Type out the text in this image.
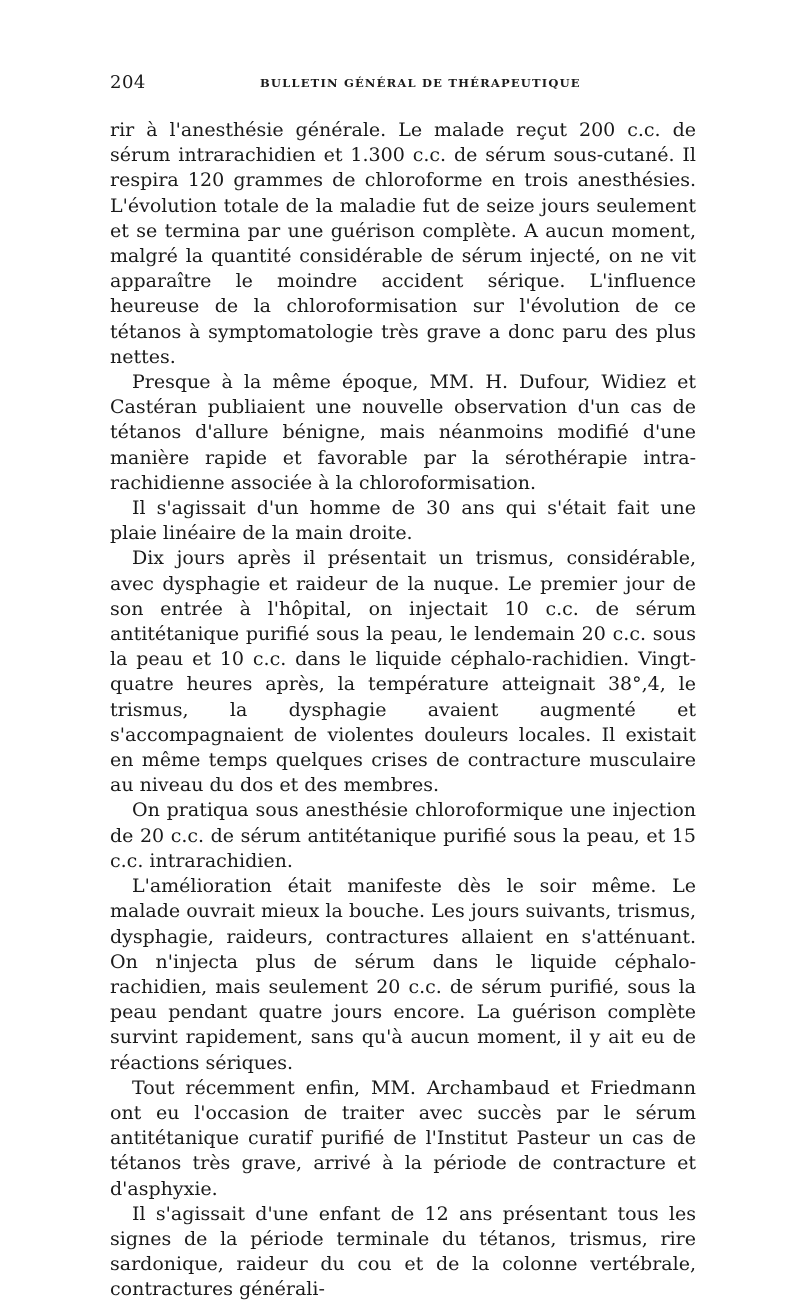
204	BULLETIN GÉNÉRAL DE THÉRAPEUTIQUE

rir à l'anesthésie générale. Le malade reçut 200 c.c. de sérum intrarachidien et 1.300 c.c. de sérum sous-cutané. Il respira 120 grammes de chloroforme en trois anesthésies. L'évolution totale de la maladie fut de seize jours seulement et se termina par une guérison complète. A aucun moment, malgré la quantité considérable de sérum injecté, on ne vit apparaître le moindre accident sérique. L'influence heureuse de la chloroformisation sur l'évolution de ce tétanos à symptomatologie très grave a donc paru des plus nettes.

Presque à la même époque, MM. H. Dufour, Widiez et Castéran publiaient une nouvelle observation d'un cas de tétanos d'allure bénigne, mais néanmoins modifié d'une manière rapide et favorable par la sérothérapie intra-rachidienne associée à la chloroformisation.

Il s'agissait d'un homme de 30 ans qui s'était fait une plaie linéaire de la main droite.

Dix jours après il présentait un trismus, considérable, avec dysphagie et raideur de la nuque. Le premier jour de son entrée à l'hôpital, on injectait 10 c.c. de sérum antitétanique purifié sous la peau, le lendemain 20 c.c. sous la peau et 10 c.c. dans le liquide céphalo-rachidien. Vingt-quatre heures après, la température atteignait 38°,4, le trismus, la dysphagie avaient augmenté et s'accompagnaient de violentes douleurs locales. Il existait en même temps quelques crises de contracture musculaire au niveau du dos et des membres.

On pratiqua sous anesthésie chloroformique une injection de 20 c.c. de sérum antitétanique purifié sous la peau, et 15 c.c. intrarachidien.

L'amélioration était manifeste dès le soir même. Le malade ouvrait mieux la bouche. Les jours suivants, trismus, dysphagie, raideurs, contractures allaient en s'atténuant. On n'injecta plus de sérum dans le liquide céphalo-rachidien, mais seulement 20 c.c. de sérum purifié, sous la peau pendant quatre jours encore. La guérison complète survint rapidement, sans qu'à aucun moment, il y ait eu de réactions sériques.

Tout récemment enfin, MM. Archambaud et Friedmann ont eu l'occasion de traiter avec succès par le sérum antitétanique curatif purifié de l'Institut Pasteur un cas de tétanos très grave, arrivé à la période de contracture et d'asphyxie.

Il s'agissait d'une enfant de 12 ans présentant tous les signes de la période terminale du tétanos, trismus, rire sardonique, raideur du cou et de la colonne vertébrale, contractures générali-
